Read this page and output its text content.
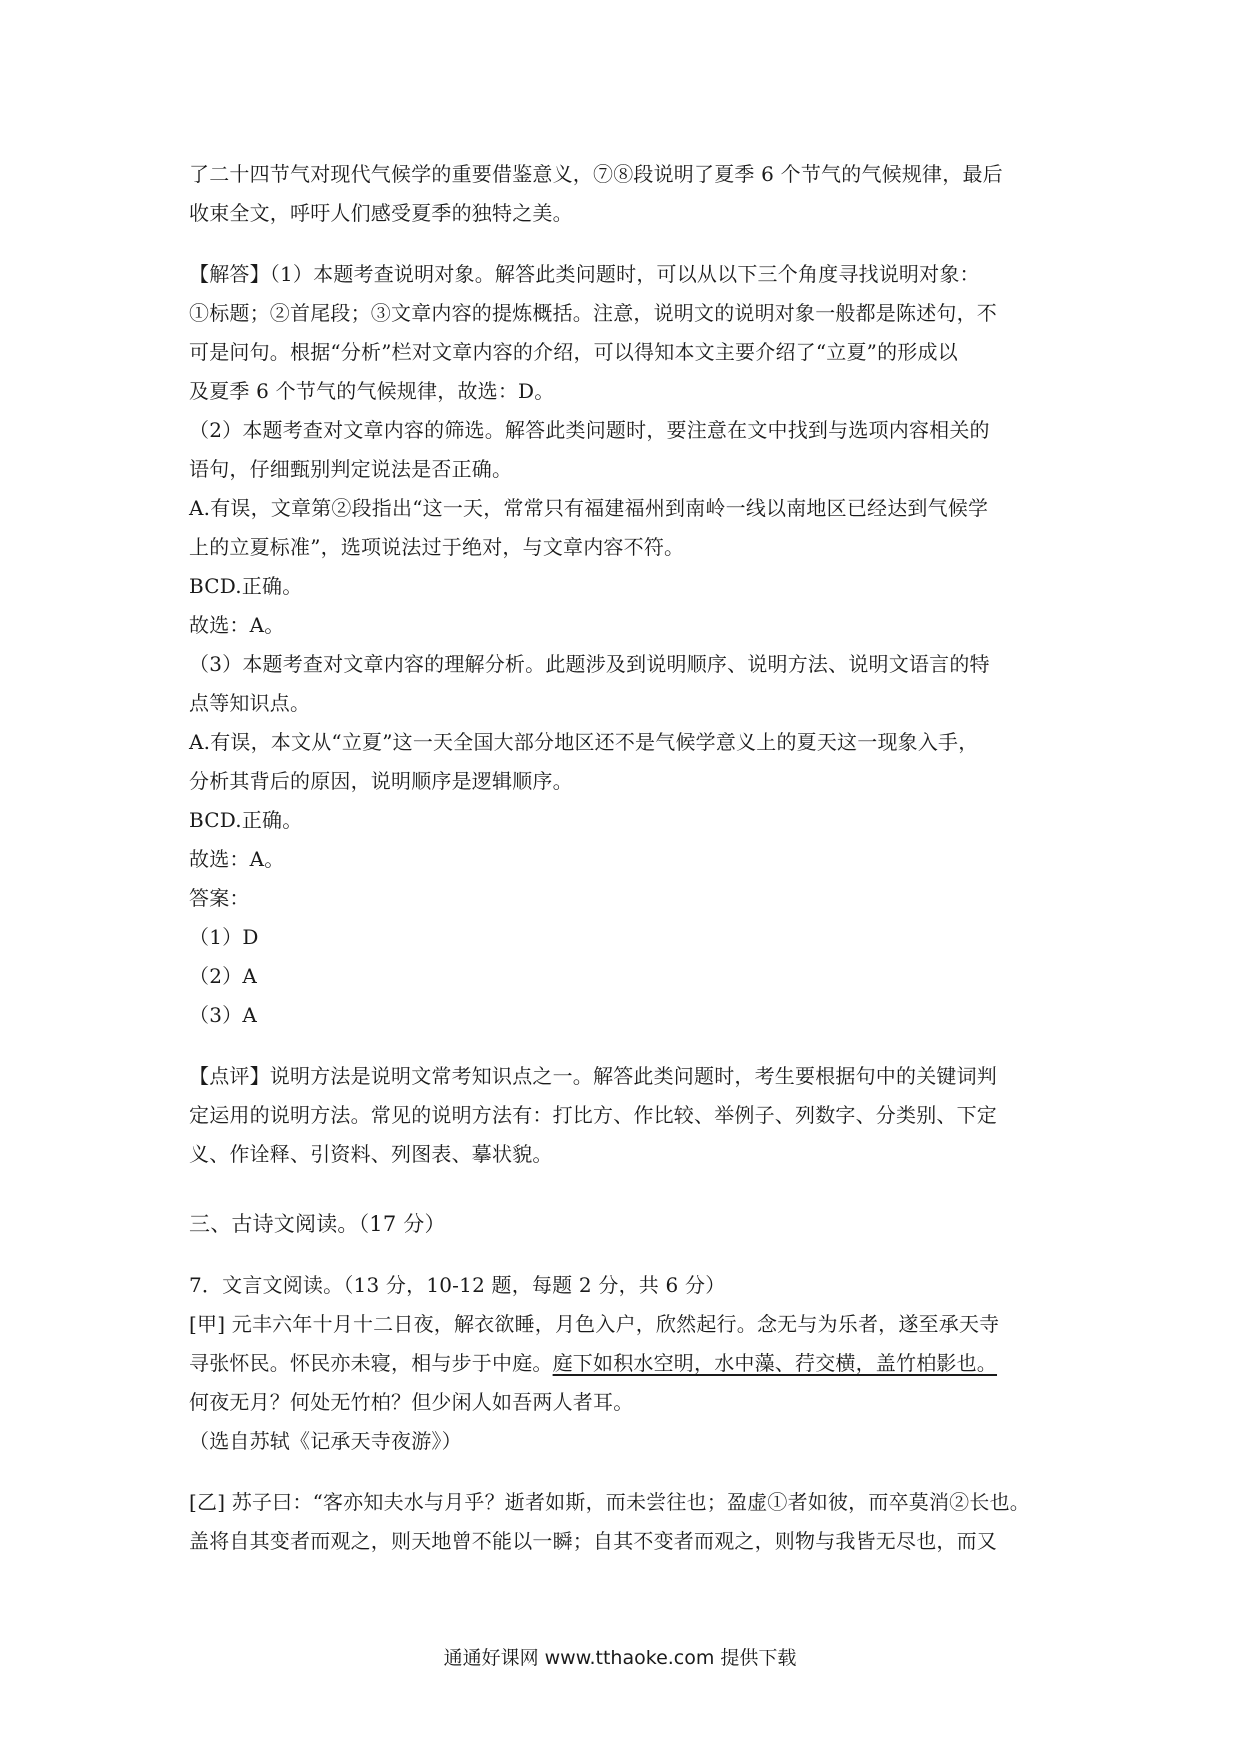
了二十四节气对现代气候学的重要借鉴意义，⑦⑧段说明了夏季 6 个节气的气候规律，最后
收束全文，呼吁人们感受夏季的独特之美。
【解答】（1）本题考查说明对象。解答此类问题时，可以从以下三个角度寻找说明对象：
①标题；②首尾段；③文章内容的提炼概括。注意，说明文的说明对象一般都是陈述句，不
可是问句。根据“分析”栏对文章内容的介绍，可以得知本文主要介绍了“立夏”的形成以
及夏季 6 个节气的气候规律，故选：D。
（2）本题考查对文章内容的筛选。解答此类问题时，要注意在文中找到与选项内容相关的
语句，仔细甄别判定说法是否正确。
A.有误，文章第②段指出“这一天，常常只有福建福州到南岭一线以南地区已经达到气候学
上的立夏标准”，选项说法过于绝对，与文章内容不符。
BCD.正确。
故选：A。
（3）本题考查对文章内容的理解分析。此题涉及到说明顺序、说明方法、说明文语言的特
点等知识点。
A.有误，本文从“立夏”这一天全国大部分地区还不是气候学意义上的夏天这一现象入手，
分析其背后的原因，说明顺序是逻辑顺序。
BCD.正确。
故选：A。
答案：
（1）D
（2）A
（3）A
【点评】说明方法是说明文常考知识点之一。解答此类问题时，考生要根据句中的关键词判
定运用的说明方法。常见的说明方法有：打比方、作比较、举例子、列数字、分类别、下定
义、作诠释、引资料、列图表、摹状貌。
三、古诗文阅读。（17 分）
7．文言文阅读。（13 分，10-12 题，每题 2 分，共 6 分）
[甲] 元丰六年十月十二日夜，解衣欲睡，月色入户，欣然起行。念无与为乐者，遂至承天寺
寻张怀民。怀民亦未寝，相与步于中庭。庭下如积水空明，水中藻、荇交横，盖竹柏影也。
何夜无月？何处无竹柏？但少闲人如吾两人者耳。
（选自苏轼《记承天寺夜游》）
[乙] 苏子曰：“客亦知夫水与月乎？逝者如斯，而未尝往也；盈虚①者如彼，而卒莫消②长也。
盖将自其变者而观之，则天地曾不能以一瞬；自其不变者而观之，则物与我皆无尽也，而又
通通好课网 www.tthaoke.com 提供下载
